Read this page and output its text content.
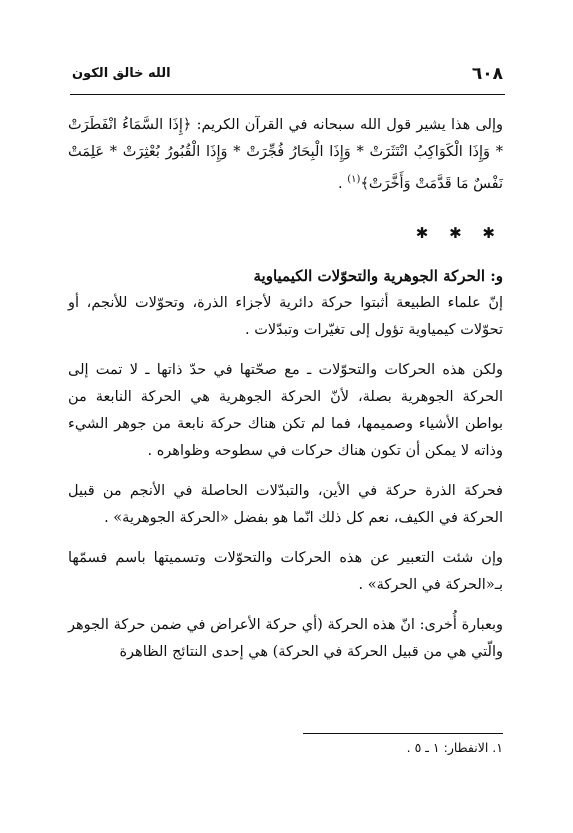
٦٠٨
الله خالق الكون

وإلى هذا يشير قول الله سبحانه في القرآن الكريم: ﴿إِذَا السَّمَاءُ انْفَطَرَتْ * وَإِذَا الْكَوَاكِبُ انْتَثَرَتْ * وَإِذَا الْبِحَارُ فُجِّرَتْ * وَإِذَا الْقُبُورُ بُعْثِرَتْ * عَلِمَتْ نَفْسٌ مَا قَدَّمَتْ وَأَخَّرَتْ﴾$^{(١)}$ .

✱ ✱ ✱

و: الحركة الجوهرية والتحوّلات الكيمياوية

إنّ علماء الطبيعة أثبتوا حركة دائرية لأجزاء الذرة، وتحوّلات للأنجم، أو تحوّلات كيمياوية تؤول إلى تغيّرات وتبدّلات .

ولكن هذه الحركات والتحوّلات ـ مع صحّتها في حدّ ذاتها ـ لا تمت إلى الحركة الجوهرية بصلة، لأنّ الحركة الجوهرية هي الحركة النابعة من بواطن الأشياء وصميمها، فما لم تكن هناك حركة نابعة من جوهر الشيء وذاته لا يمكن أن تكون هناك حركات في سطوحه وظواهره .

فحركة الذرة حركة في الأين، والتبدّلات الحاصلة في الأنجم من قبيل الحركة في الكيف، نعم كل ذلك انّما هو بفضل «الحركة الجوهرية» .

وإن شئت التعبير عن هذه الحركات والتحوّلات وتسميتها باسم فسمّها بـ«الحركة في الحركة» .

وبعبارة أُخرى: انّ هذه الحركة (أي حركة الأعراض في ضمن حركة الجوهر والّتي هي من قبيل الحركة في الحركة) هي إحدى النتائج الظاهرة

١. الانفطار: ١ ـ ٥ .
